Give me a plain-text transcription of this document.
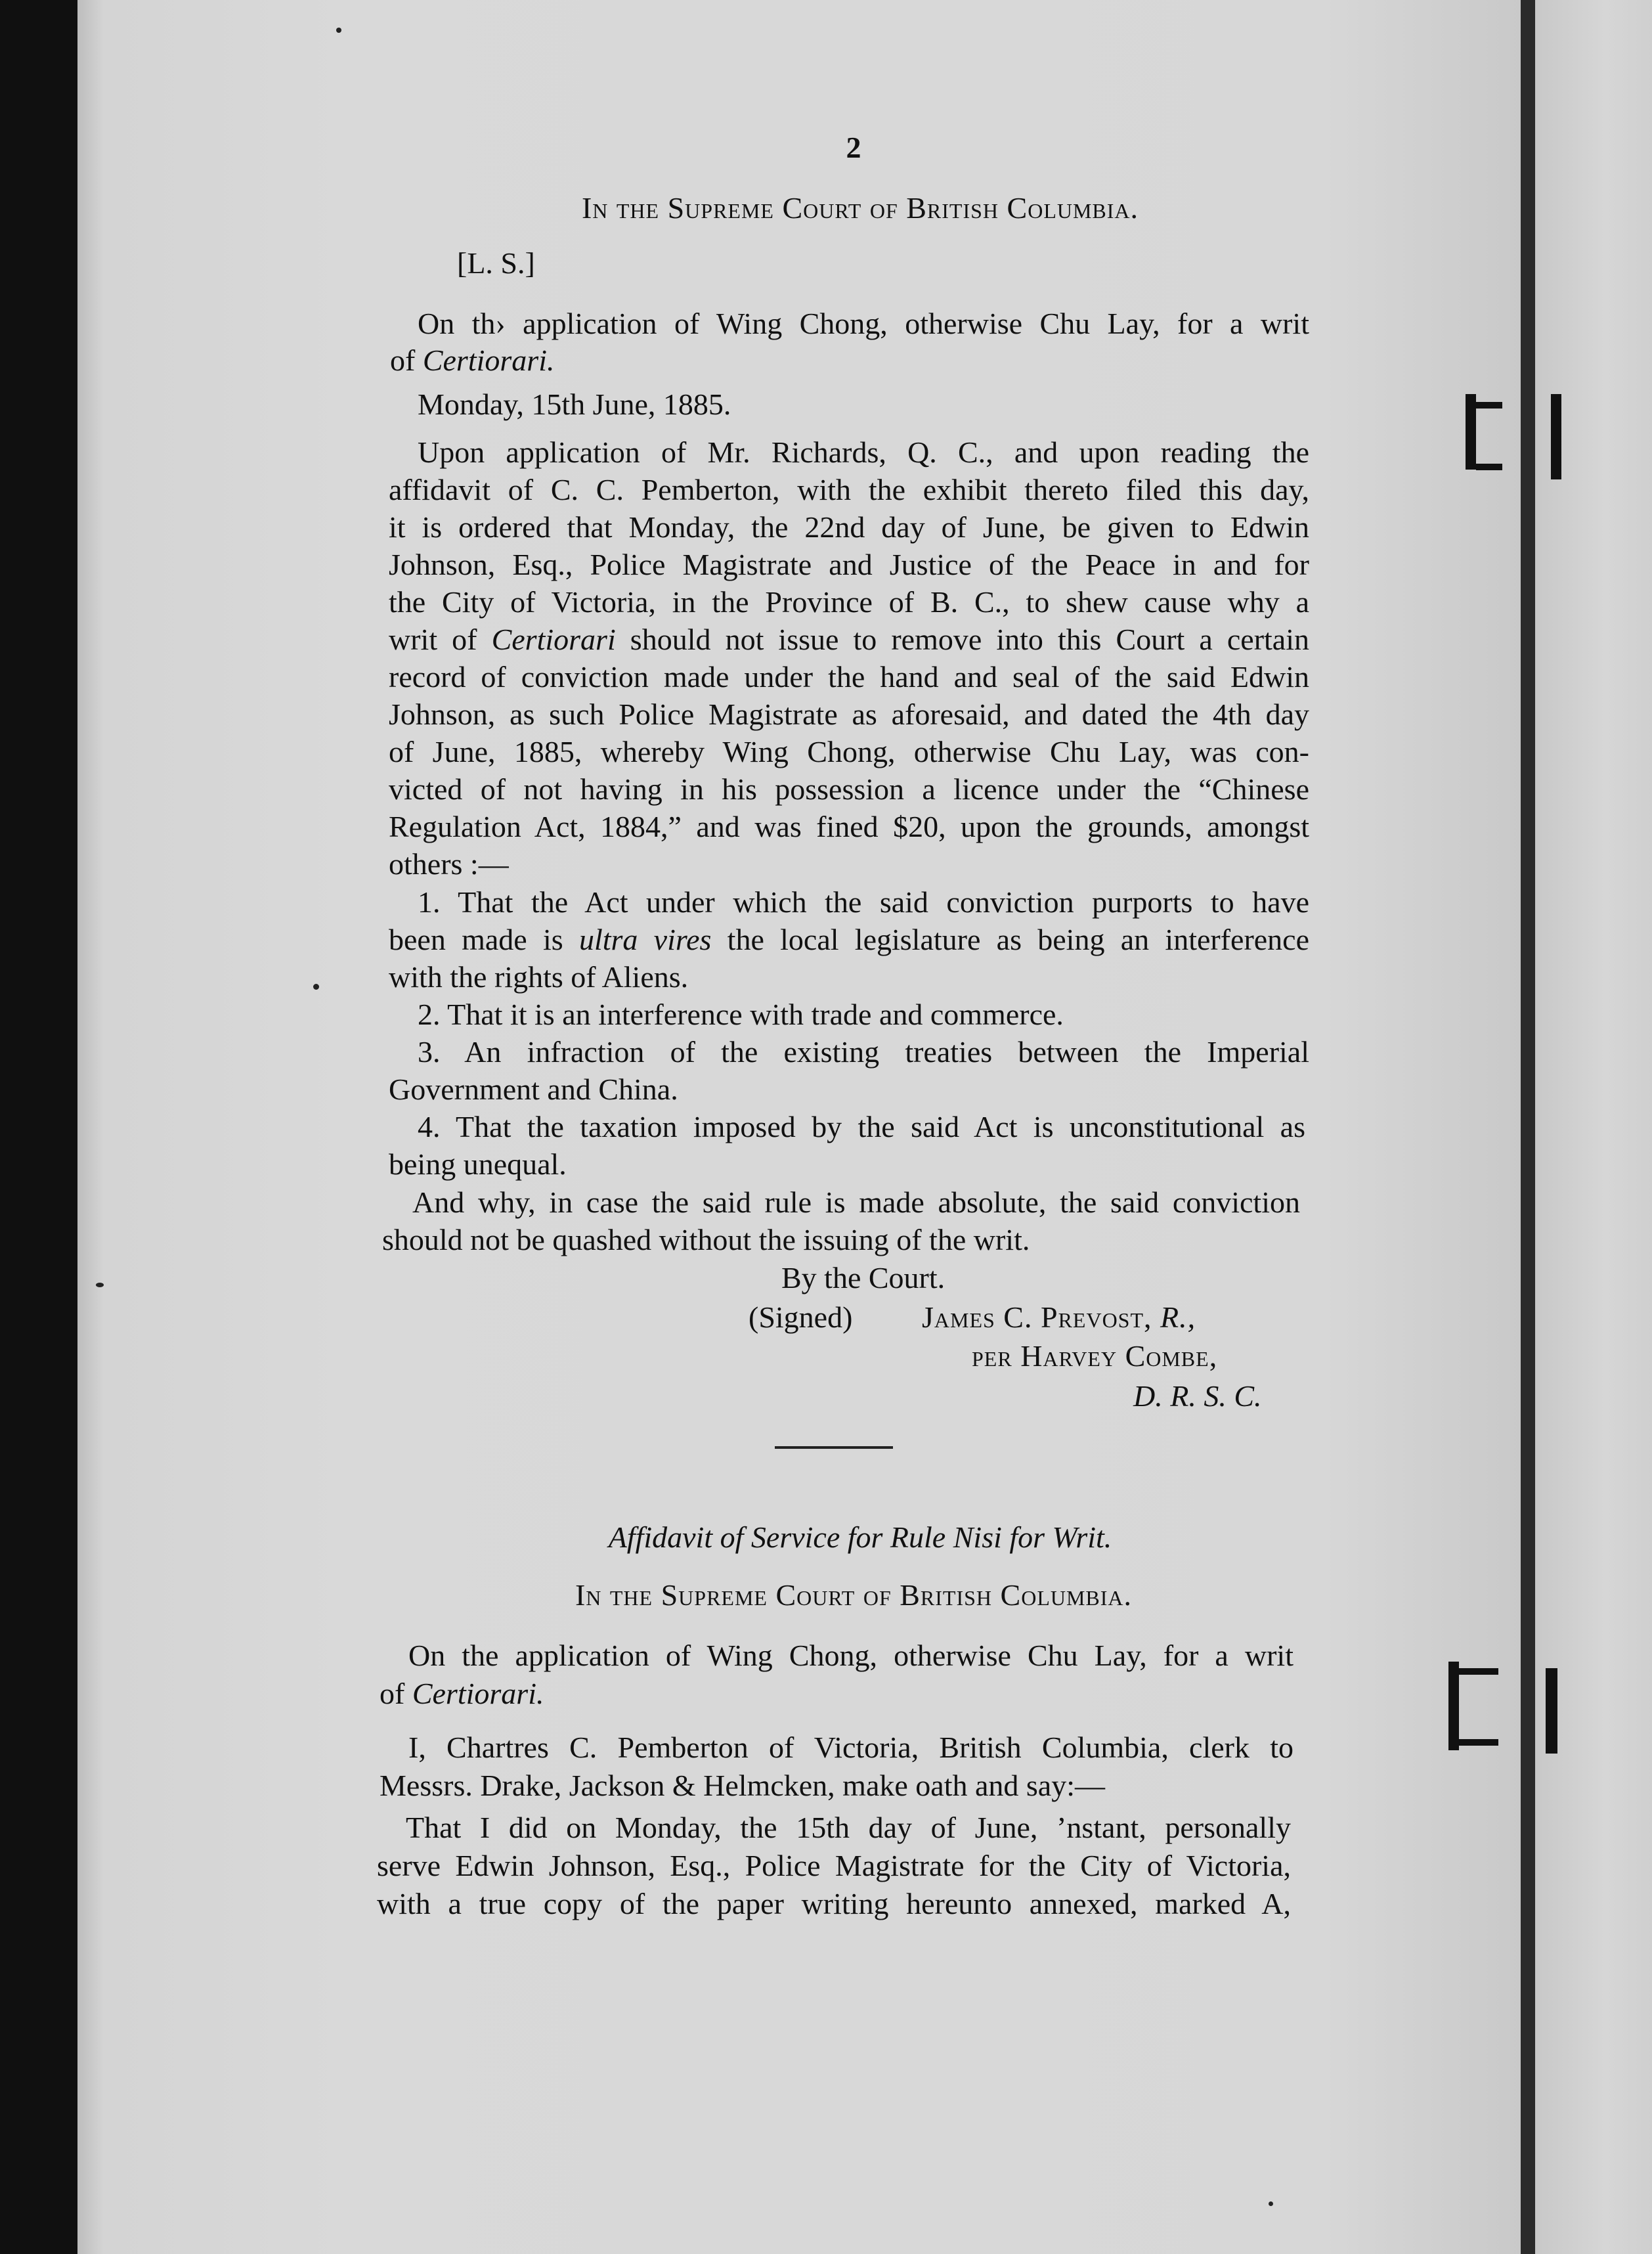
2
In the Supreme Court of British Columbia.
[L. S.]
On th› application of Wing Chong, otherwise Chu Lay, for a writ
of Certiorari.
Monday, 15th June, 1885.
Upon application of Mr. Richards, Q. C., and upon reading the
affidavit of C. C. Pemberton, with the exhibit thereto filed this day,
it is ordered that Monday, the 22nd day of June, be given to Edwin
Johnson, Esq., Police Magistrate and Justice of the Peace in and for
the City of Victoria, in the Province of B. C., to shew cause why a
writ of Certiorari should not issue to remove into this Court a certain
record of conviction made under the hand and seal of the said Edwin
Johnson, as such Police Magistrate as aforesaid, and dated the 4th day
of June, 1885, whereby Wing Chong, otherwise Chu Lay, was con-
victed of not having in his possession a licence under the “Chinese
Regulation Act, 1884,” and was fined $20, upon the grounds, amongst
others :—
1. That the Act under which the said conviction purports to have
been made is ultra vires the local legislature as being an interference
with the rights of Aliens.
2. That it is an interference with trade and commerce.
3. An infraction of the existing treaties between the Imperial
Government and China.
4. That the taxation imposed by the said Act is unconstitutional as
being unequal.
And why, in case the said rule is made absolute, the said conviction
should not be quashed without the issuing of the writ.
By the Court.
(Signed) James C. Prevost, R.,
per Harvey Combe,
D. R. S. C.
Affidavit of Service for Rule Nisi for Writ.
In the Supreme Court of British Columbia.
On the application of Wing Chong, otherwise Chu Lay, for a writ
of Certiorari.
I, Chartres C. Pemberton of Victoria, British Columbia, clerk to
Messrs. Drake, Jackson & Helmcken, make oath and say:—
That I did on Monday, the 15th day of June, ’nstant, personally
serve Edwin Johnson, Esq., Police Magistrate for the City of Victoria,
with a true copy of the paper writing hereunto annexed, marked A,
